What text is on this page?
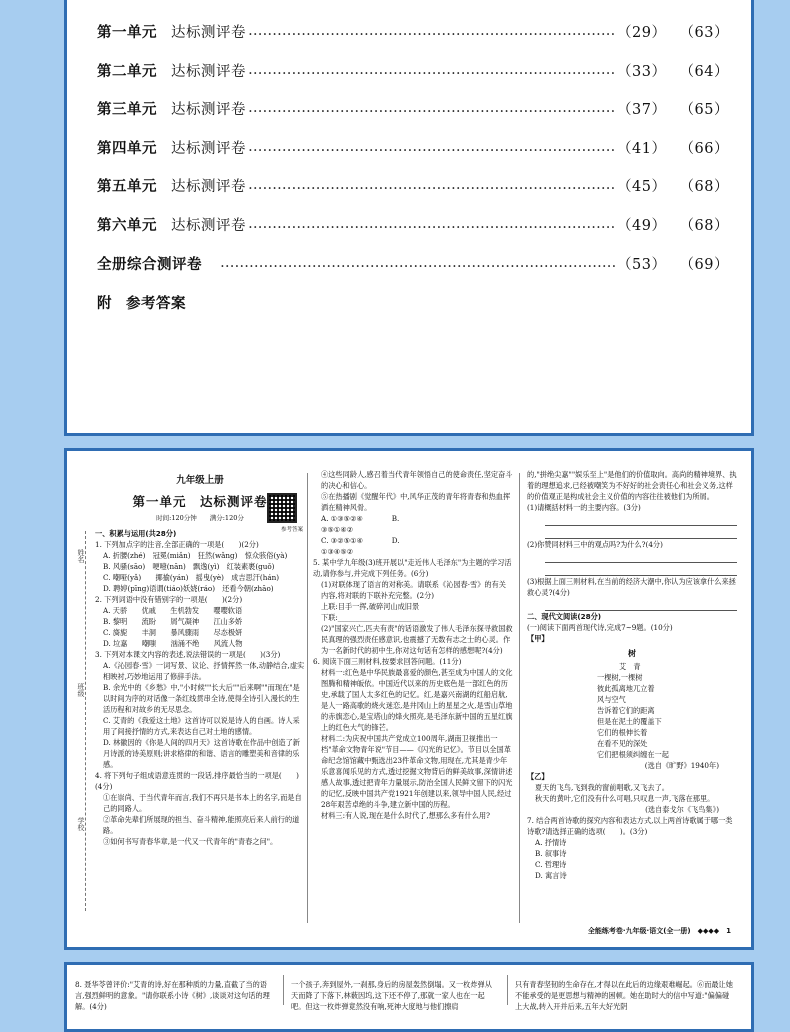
第一单元 达标测评卷 ………………………………………………………………………………………………………………………………………………………………………	（29） （63）
第二单元 达标测评卷 ………………………………………………………………………………………………………………………………………………………………………	（33） （64）
第三单元 达标测评卷 ………………………………………………………………………………………………………………………………………………………………………	（37） （65）
第四单元 达标测评卷 ………………………………………………………………………………………………………………………………………………………………………	（41） （66）
第五单元 达标测评卷 ………………………………………………………………………………………………………………………………………………………………………	（45） （68）
第六单元 达标测评卷 ………………………………………………………………………………………………………………………………………………………………………	（49） （68）
全册综合测评卷 ………………………………………………………………………………………………………………………………………………………………………	（53） （69）
附 参考答案
姓名
班级
学校
九年级上册
参考答案
第一单元　达标测评卷
时间:120分钟　　满分:120分
一、积累与运用(共28分)
1. 下列加点字的注音,全部正确的一项是(　　)(2分)
A. 折腰(zhé)　冠冕(miǎn)　狂然(wǎng)　惊众骇俗(yà)
B. 风骚(sāo)　哽噎(nān)　飘逸(yì)　红装素裹(guǒ)
C. 嘲哑(yǎ)　　揶揄(yán)　摇曳(yè)　成吉思汗(hán)
D. 聘婷(pīng)语谓(tiáo)妖娆(ráo)　还看今朝(zhāo)
2. 下列词语中没有错别字的一项是(　　)(2分)
A. 天骄　　优戚　　生机勃发　　嘤嘤软语
B. 黎明　　流盼　　屑气凝神　　江山多娇
C. 旖旎　　丰洞　　暴风骤雨　　尽态极妍
D. 垃嘉　　嘲嗤　　汹涌不绝　　风流人物
3. 下列对本课文内容的表述,说法错误的一项是(　　)(3分)
A.《沁园春·雪》一词写景、议论、抒情挥然一体,动静结合,虚实相映衬,巧妙地运用了修辞手法。
B. 余光中的《乡愁》中,"小时候""长大后""后来啊""而现在"是以时间为序的对话像一条红线贯串全诗,使得全诗引入漫长的生活历程和对故乡的无尽思念。
C. 艾青的《我爱这土地》这首诗可以说是诗人的自画。诗人采用了间接抒情的方式,来表达自己对土地的感情。
D. 林徽因的《你是人间的四月天》这首诗歌在作品中创造了新月诗派的诗美原则;讲求格律的和谐、语言的雕塑美和音律的乐感。
4. 将下列句子组成语意连贯的一段话,排序最恰当的一项是(　　)(4分)
①在崇尚、于当代青年而言,我们不再只是书本上的名字,而是自己的同路人。
②革命先辈们所展现的担当、奋斗精神,能照亮后来人前行的道路。
③如何书写青春华章,是一代又一代青年的"青春之问"。
④这些同龄人,感召着当代青年领悟自己的使命责任,坚定奋斗的决心和信心。
⑤在热播剧《觉醒年代》中,风华正茂的青年将青春和热血挥洒在精神风骨。
A. ①③⑤②④　　　　B. ③⑤①④②
C. ③②⑤①④　　　　D. ①③④⑤②
5. 某中学九年级(3)班开展以"走近伟人毛泽东"为主题的学习活动,请你参与,并完成下列任务。(6分)
(1)对联体现了语言的对称美。请联系《沁园春·雪》的有关内容,将对联的下联补充完整。(2分)
上联:目手一挥,破碎河山成旧景
下联:________________________
(2)"国家兴亡,匹夫有责"的话语激发了伟人毛泽东探寻救国救民真理的强烈责任感意识,也震撼了无数有志之士的心灵。作为一名新时代的初中生,你对这句话有怎样的感想呢?(4分)
6. 阅读下面三则材料,按要求回答问题。(11分)
材料一:红色是中华民族最喜爱的颜色,甚至成为中国人的文化图腾和精神皈依。中国近代以来的历史底色是一部红色的历史,承载了国人太多红色的记忆。红,是嘉兴南湖的红船启航,是人一路高歌的烧火迷恋,是井冈山上的星星之火,是雪山草地的赤旗恋心,是宝塔山的烽火照亮,是毛泽东新中国的五星红旗上的红色大气的锋芒。
材料二:为庆祝中国共产党成立100周年,湖南卫视推出一档"革命文物青年说"节目——《闪光的记忆》。节目以全国革命纪念馆馆藏中甄选出23件革命文物,用现在,尤其是青少年乐意喜闻乐见的方式,透过挖掘文物背后的鲜美故事,深情讲述感人故事,透过把青年力量展示,防治全国人民鲜文留下的闪光的记忆,反映中国共产党1921年创建以来,领导中国人民,经过28年艰苦卓绝的斗争,建立新中国的历程。
材料三:有人说,现在是什么时代了,想那么多有什么用?
的,"拼绝尖嘉""娱乐至上"是他们的价值取向。高尚的精神境界、执着的理想追求,已经被嘲笑为不好好的社会责任心和社会义务,这样的价值观正是构成社会主义价值的内容往往被他们为所屑。
(1)请概括材料一的主要内容。(3分)
(2)你赞同材料三中的观点吗?为什么?(4分)
(3)根据上面三则材料,在当前的经济大潮中,你认为应该拿什么来拯救心灵?(4分)
二、现代文阅读(28分)
(一)阅读下面两首现代诗,完成7~9题。(10分)
【甲】
树
艾　青
一棵树,一棵树
彼此孤离地兀立着
风与空气
告诉着它们的距离
但是在泥土的覆盖下
它们的根伸长着
在看不见的深处
它们把根须纠缠在一起
(选自《旷野》1940年)
【乙】
夏天的飞鸟,飞到我的窗前唱歌,又飞去了。
秋天的黄叶,它们没有什么可唱,只叹息一声,飞落在那里。
(选自泰戈尔《飞鸟集》)
7. 结合两首诗歌的探究内容和表达方式,以上两首诗歌属于哪一类诗歌?请选择正确的选项(　　)。(3分)
A. 抒情诗　　B. 叙事诗　　C. 哲理诗　　D. 寓言诗
全能练考卷·九年级·语文(全一册)　◆◆◆◆　1
8. 聂华苓曾评价:"艾青的诗,好在那种质的力量,直截了当的语言,强烈鲜明的意象。"请你联系小诗《树》,谈谈对这句话的理解。(4分)
一个孩子,奔到屋外,一刹那,身后的房屋轰然倒塌。又一枚炸弹从天而降了下落下,林薮因坞,这下还不停了,那就一家人也在一起吧。但这一枚炸弹竟然没有响,死神大度地与他们擦肩
只有青春坚韧的生命存在,才得以在此后的边缘艰难崛起。⑥而最让她不能承受的是更思想与精神的困顿。她在助时大的信中写道:"偏偏碰上大战,转入开并后来,五年大好光阴
